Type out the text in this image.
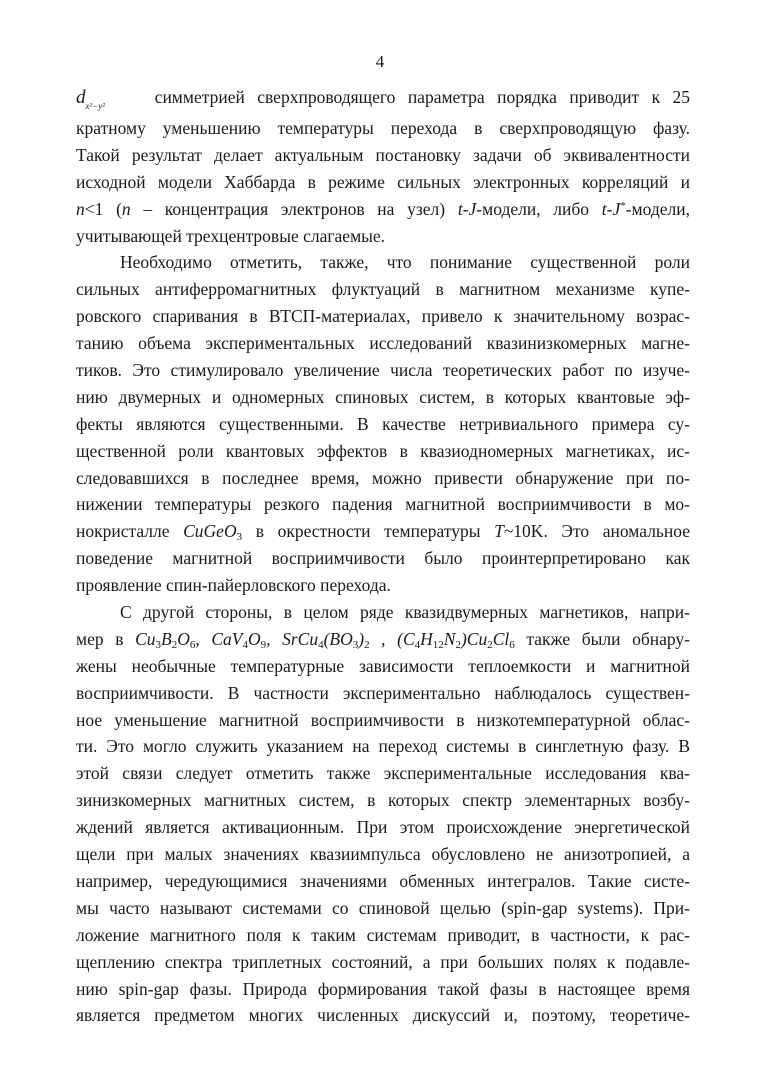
4
$d_{x^2-y^2}$	симметрией сверхпроводящего параметра порядка приводит к 25
кратному уменьшению температуры перехода в сверхпроводящую фазу.
Такой результат делает актуальным постановку задачи об эквивалентности
исходной модели Хаббарда в режиме сильных электронных корреляций и
n<1 (n – концентрация электронов на узел) t-J-модели, либо t-J*-модели,
учитывающей трехцентровые слагаемые.
Необходимо отметить, также, что понимание существенной роли
сильных антиферромагнитных флуктуаций в магнитном механизме купе-
ровского спаривания в ВТСП-материалах, привело к значительному возрас-
танию объема экспериментальных исследований квазинизкомерных магне-
тиков. Это стимулировало увеличение числа теоретических работ по изуче-
нию двумерных и одномерных спиновых систем, в которых квантовые эф-
фекты являются существенными. В качестве нетривиального примера су-
щественной роли квантовых эффектов в квазиодномерных магнетиках, ис-
следовавшихся в последнее время, можно привести обнаружение при по-
нижении температуры резкого падения магнитной восприимчивости в мо-
нокристалле CuGeO$_3$ в окрестности температуры T~10K. Это аномальное
поведение магнитной восприимчивости было проинтерпретировано как
проявление спин-пайерловского перехода.
С другой стороны, в целом ряде квазидвумерных магнетиков, напри-
мер в $Cu_3B_2O_6$, $CaV_4O_9$, $SrCu_4(BO_3)_2$ , $(C_4H_{12}N_2)Cu_2Cl_6$ также были обнару-
жены необычные температурные зависимости теплоемкости и магнитной
восприимчивости. В частности экспериментально наблюдалось существен-
ное уменьшение магнитной восприимчивости в низкотемпературной облас-
ти. Это могло служить указанием на переход системы в синглетную фазу. В
этой связи следует отметить также экспериментальные исследования ква-
зинизкомерных магнитных систем, в которых спектр элементарных возбу-
ждений является активационным. При этом происхождение энергетической
щели при малых значениях квазиимпульса обусловлено не анизотропией, а
например, чередующимися значениями обменных интегралов. Такие систе-
мы часто называют системами со спиновой щелью (spin-gap systems). При-
ложение магнитного поля к таким системам приводит, в частности, к рас-
щеплению спектра триплетных состояний, а при больших полях к подавле-
нию spin-gap фазы. Природа формирования такой фазы в настоящее время
является предметом многих численных дискуссий и, поэтому, теоретиче-
